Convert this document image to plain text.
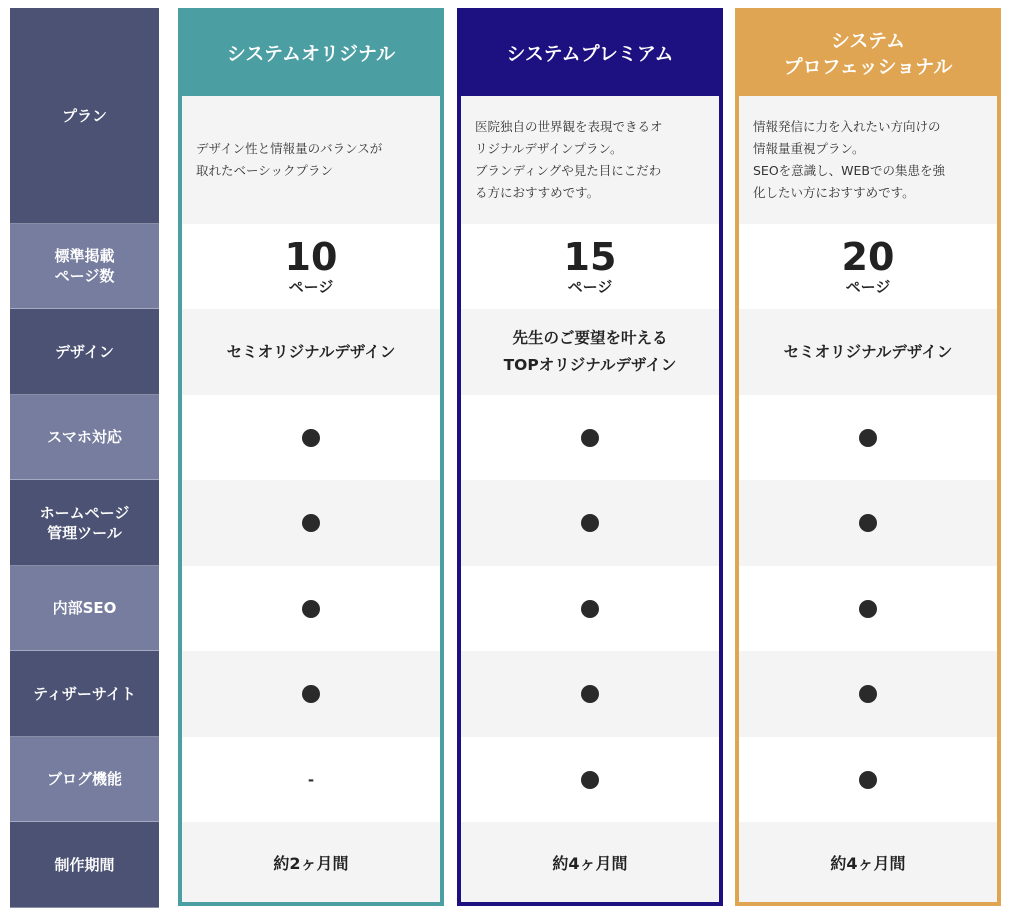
プラン
標準掲載
ページ数
デザイン
スマホ対応
ホームページ
管理ツール
内部SEO
ティザーサイト
ブログ機能
制作期間
システムオリジナル
デザイン性と情報量のバランスが
取れたベーシックプラン
10
ページ
セミオリジナルデザイン
-
約2ヶ月間
システムプレミアム
医院独自の世界観を表現できるオ
リジナルデザインプラン。
ブランディングや見た目にこだわ
る方におすすめです。
15
ページ
先生のご要望を叶える
TOPオリジナルデザイン
約4ヶ月間
システム
プロフェッショナル
情報発信に力を入れたい方向けの
情報量重視プラン。
SEOを意識し、WEBでの集患を強
化したい方におすすめです。
20
ページ
セミオリジナルデザイン
約4ヶ月間
